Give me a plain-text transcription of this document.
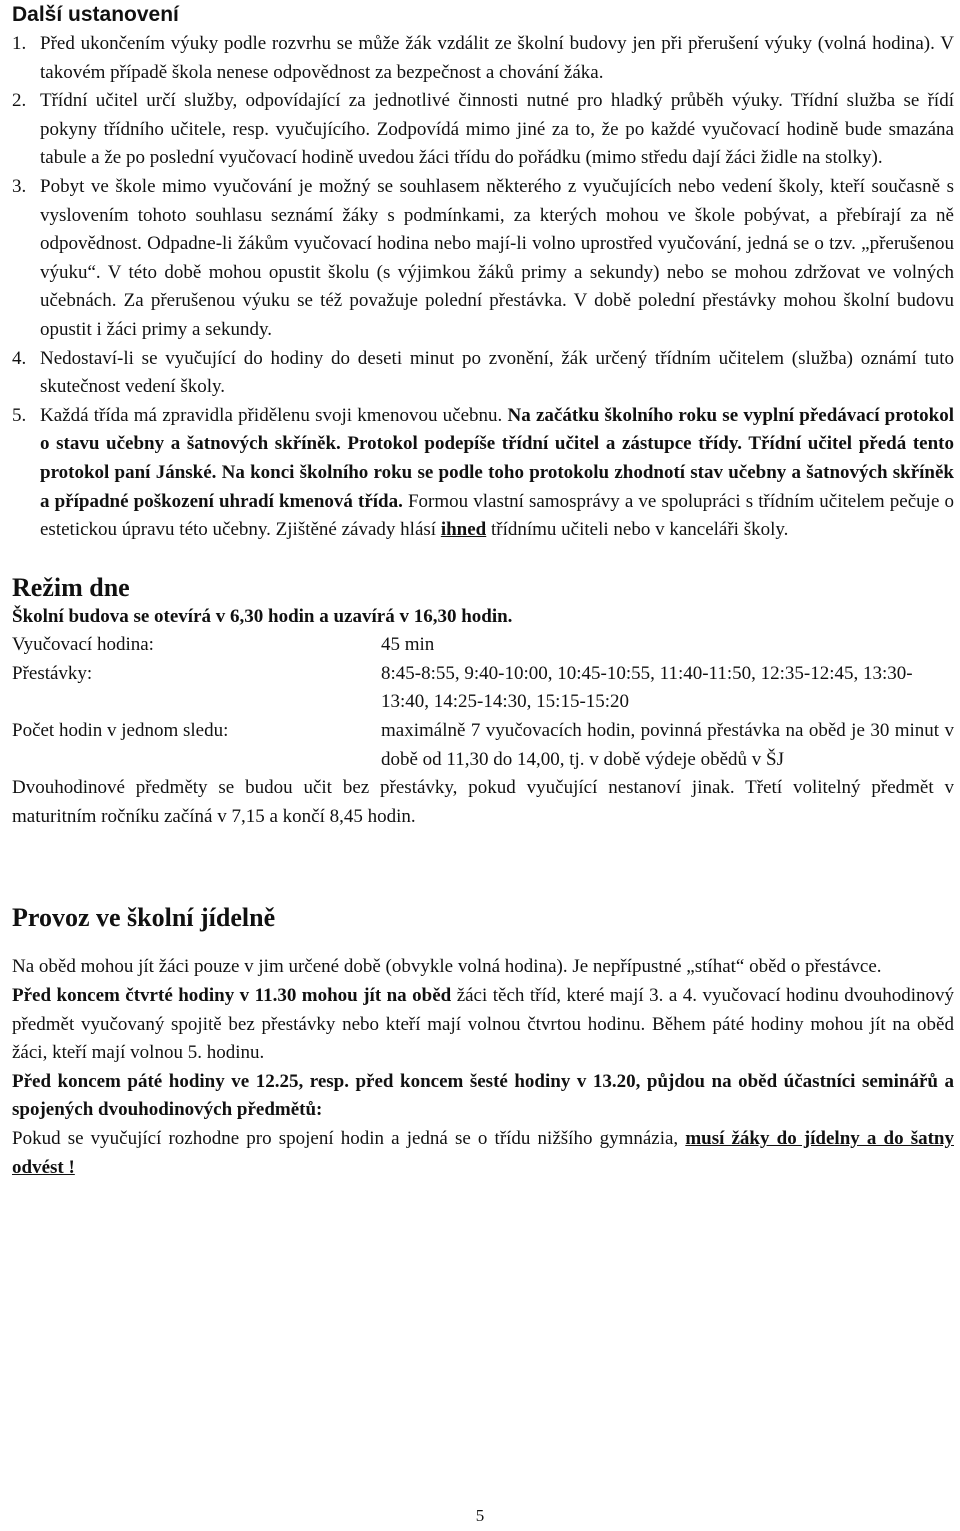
Další ustanovení
1. Před ukončením výuky podle rozvrhu se může žák vzdálit ze školní budovy jen při přerušení výuky (volná hodina). V takovém případě škola nenese odpovědnost za bezpečnost a chování žáka.
2. Třídní učitel určí služby, odpovídající za jednotlivé činnosti nutné pro hladký průběh výuky. Třídní služba se řídí pokyny třídního učitele, resp. vyučujícího. Zodpovídá mimo jiné za to, že po každé vyučovací hodině bude smazána tabule a že po poslední vyučovací hodině uvedou žáci třídu do pořádku (mimo středu dají žáci židle na stolky).
3. Pobyt ve škole mimo vyučování je možný se souhlasem některého z vyučujících nebo vedení školy, kteří současně s vyslovením tohoto souhlasu seznámí žáky s podmínkami, za kterých mohou ve škole pobývat, a přebírají za ně odpovědnost. Odpadne-li žákům vyučovací hodina nebo mají-li volno uprostřed vyučování, jedná se o tzv. „přerušenou výuku“. V této době mohou opustit školu (s výjimkou žáků primy a sekundy) nebo se mohou zdržovat ve volných učebnách. Za přerušenou výuku se též považuje polední přestávka. V době polední přestávky mohou školní budovu opustit i žáci primy a sekundy.
4. Nedostaví-li se vyučující do hodiny do deseti minut po zvonění, žák určený třídním učitelem (služba) oznámí tuto skutečnost vedení školy.
5. Každá třída má zpravidla přidělenu svoji kmenovou učebnu. Na začátku školního roku se vyplní předávací protokol o stavu učebny a šatnových skříněk. Protokol podepíše třídní učitel a zástupce třídy. Třídní učitel předá tento protokol paní Jánské. Na konci školního roku se podle toho protokolu zhodnotí stav učebny a šatnových skříněk a případné poškození uhradí kmenová třída. Formou vlastní samosprávy a ve spolupráci s třídním učitelem pečuje o estetickou úpravu této učebny. Zjištěné závady hlásí ihned třídnímu učiteli nebo v kanceláři školy.
Režim dne

Školní budova se otevírá v 6,30 hodin a uzavírá v 16,30 hodin.

Vyučovací hodina:	45 min
Přestávky:	8:45-8:55, 9:40-10:00, 10:45-10:55, 11:40-11:50, 12:35-12:45, 13:30-13:40, 14:25-14:30, 15:15-15:20
Počet hodin v jednom sledu:	maximálně 7 vyučovacích hodin, povinná přestávka na oběd je 30 minut v době od 11,30 do 14,00, tj. v době výdeje obědů v ŠJ

Dvouhodinové předměty se budou učit bez přestávky, pokud vyučující nestanoví jinak. Třetí volitelný předmět v maturitním ročníku začíná v 7,15 a končí 8,45 hodin.

Provoz ve školní jídelně

Na oběd mohou jít žáci pouze v jim určené době (obvykle volná hodina). Je nepřípustné „stíhat“ oběd o přestávce.

Před koncem čtvrté hodiny v 11.30 mohou jít na oběd žáci těch tříd, které mají 3. a 4. vyučovací hodinu dvouhodinový předmět vyučovaný spojitě bez přestávky nebo kteří mají volnou čtvrtou hodinu. Během páté hodiny mohou jít na oběd žáci, kteří mají volnou 5. hodinu.

Před koncem páté hodiny ve 12.25, resp. před koncem šesté hodiny v 13.20, půjdou na oběd účastníci seminářů a spojených dvouhodinových předmětů:

Pokud se vyučující rozhodne pro spojení hodin a jedná se o třídu nižšího gymnázia, musí žáky do jídelny a do šatny odvést !

5
